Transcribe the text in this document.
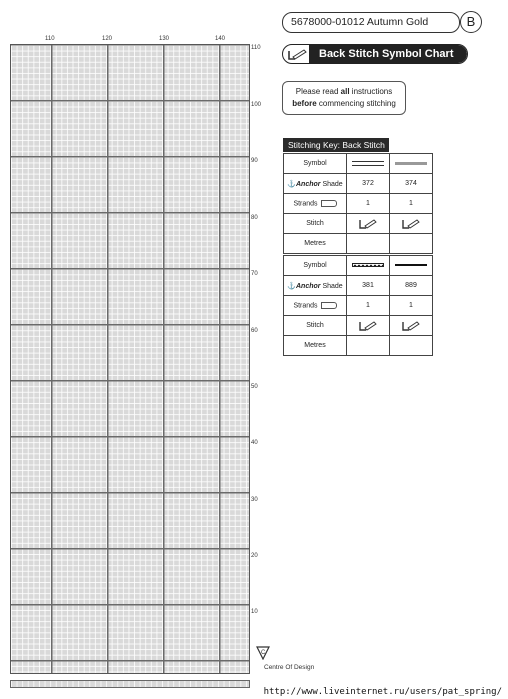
110	120	130	140
110
100
90
80
70
60
50
40
30
20
10
C
Centre Of Design
5678000-01012 Autumn Gold	B
Back Stitch Symbol Chart
Please read all instructions
before commencing stitching
Stitching Key: Back Stitch
Symbol		
⚓Anchor Shade	372	374
Strands	1	1
Stitch		
Metres		
Symbol		
⚓Anchor Shade	381	889
Strands	1	1
Stitch		
Metres		
http://www.liveinternet.ru/users/pat_spring/
